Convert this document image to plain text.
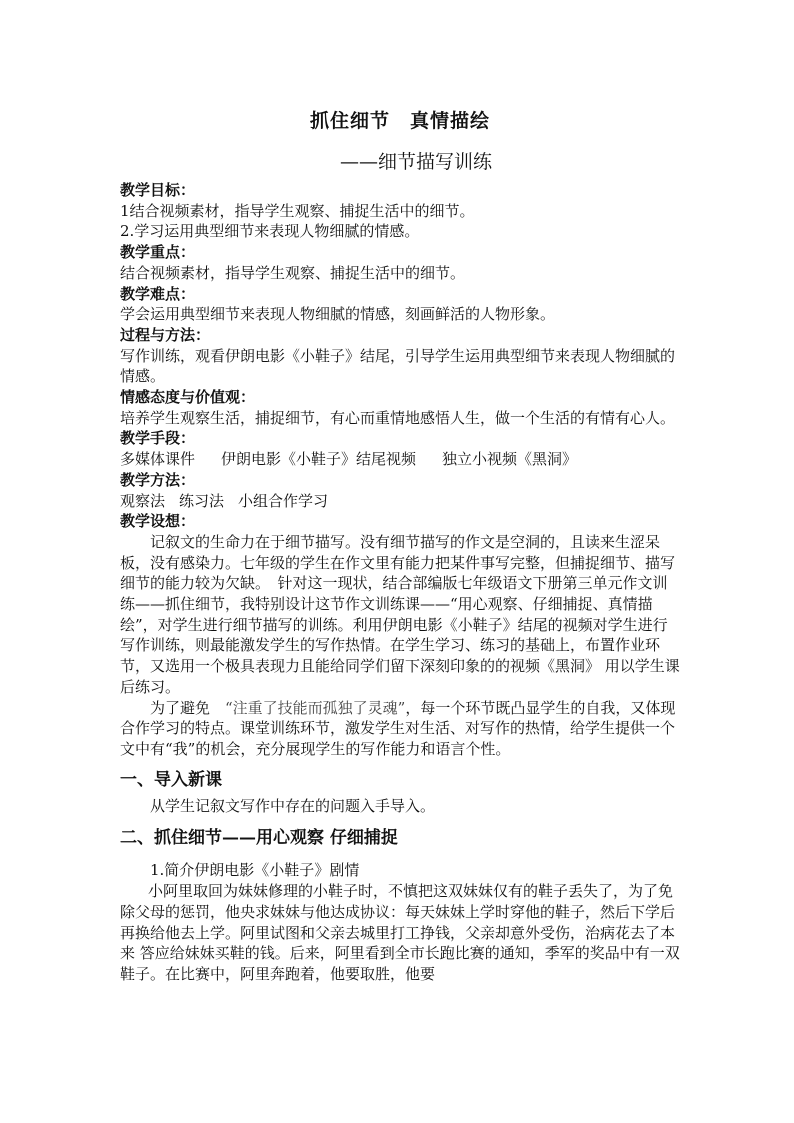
抓住细节　真情描绘
——细节描写训练

教学目标：

1结合视频素材，指导学生观察、捕捉生活中的细节。

2.学习运用典型细节来表现人物细腻的情感。

教学重点：

结合视频素材，指导学生观察、捕捉生活中的细节。

教学难点：

学会运用典型细节来表现人物细腻的情感，刻画鲜活的人物形象。

过程与方法：

写作训练，观看伊朗电影《小鞋子》结尾，引导学生运用典型细节来表现人物细腻的情感。

情感态度与价值观：

培养学生观察生活，捕捉细节，有心而重情地感悟人生，做一个生活的有情有心人。

教学手段：

多媒体课件 伊朗电影《小鞋子》结尾视频 独立小视频《黑洞》

教学方法：

观察法 练习法 小组合作学习

教学设想：

记叙文的生命力在于细节描写。没有细节描写的作文是空洞的，且读来生涩呆板，没有感染力。七年级的学生在作文里有能力把某件事写完整，但捕捉细节、描写细节的能力较为欠缺。　针对这一现状，结合部编版七年级语文下册第三单元作文训练——抓住细节，我特别设计这节作文训练课——“用心观察、仔细捕捉、真情描绘”，对学生进行细节描写的训练。利用伊朗电影《小鞋子》结尾的视频对学生进行写作训练，则最能激发学生的写作热情。在学生学习、练习的基础上，布置作业环节，又选用一个极具表现力且能给同学们留下深刻印象的的视频《黑洞》 用以学生课后练习。

为了避免　“注重了技能而孤独了灵魂”，每一个环节既凸显学生的自我，又体现合作学习的特点。课堂训练环节，激发学生对生活、对写作的热情，给学生提供一个文中有“我”的机会，充分展现学生的写作能力和语言个性。

一、导入新课

从学生记叙文写作中存在的问题入手导入。

二、抓住细节——用心观察 仔细捕捉

1.简介伊朗电影《小鞋子》剧情

小阿里取回为妹妹修理的小鞋子时，不慎把这双妹妹仅有的鞋子丢失了，为了免除父母的惩罚，他央求妹妹与他达成协议：每天妹妹上学时穿他的鞋子，然后下学后再换给他去上学。阿里试图和父亲去城里打工挣钱，父亲却意外受伤，治病花去了本来 答应给妹妹买鞋的钱。后来，阿里看到全市长跑比赛的通知，季军的奖品中有一双鞋子。在比赛中，阿里奔跑着，他要取胜，他要
